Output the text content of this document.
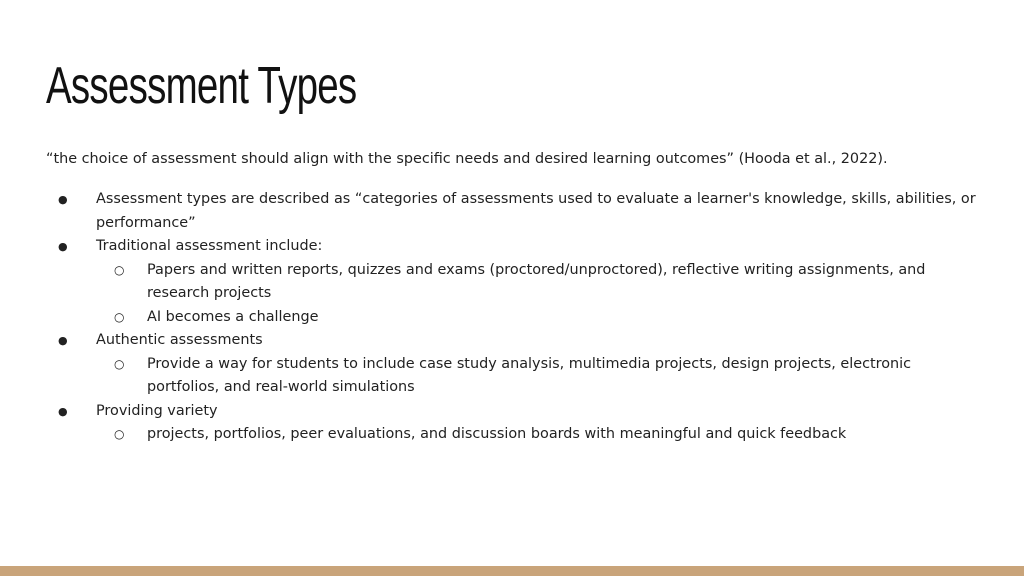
Assessment Types

“the choice of assessment should align with the specific needs and desired learning outcomes” (Hooda et al., 2022).

● Assessment types are described as “categories of assessments used to evaluate a learner's knowledge, skills, abilities, or performance”
● Traditional assessment include:
○ Papers and written reports, quizzes and exams (proctored/unproctored), reflective writing assignments, and research projects
○ AI becomes a challenge
● Authentic assessments
○ Provide a way for students to include case study analysis, multimedia projects, design projects, electronic portfolios, and real-world simulations
● Providing variety
○ projects, portfolios, peer evaluations, and discussion boards with meaningful and quick feedback
